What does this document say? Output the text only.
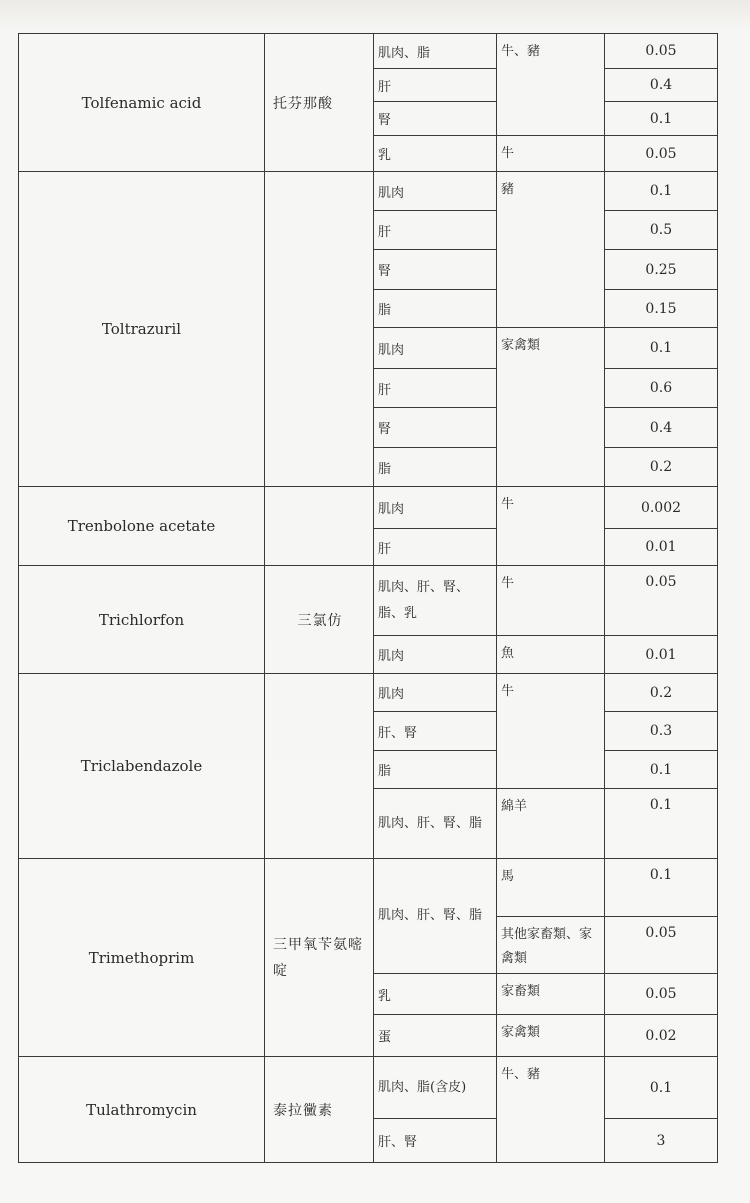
Tolfenamic acid	托芬那酸	肌肉、脂	牛、豬	0.05
		肝		0.4
		腎		0.1
		乳	牛	0.05
Toltrazuril		肌肉	豬	0.1
		肝		0.5
		腎		0.25
		脂		0.15
		肌肉	家禽類	0.1
		肝		0.6
		腎		0.4
		脂		0.2
Trenbolone acetate		肌肉	牛	0.002
		肝		0.01
Trichlorfon	三氯仿	肌肉、肝、腎、脂、乳	牛	0.05
		肌肉	魚	0.01
Triclabendazole		肌肉	牛	0.2
		肝、腎		0.3
		脂		0.1
		肌肉、肝、腎、脂	綿羊	0.1
Trimethoprim	三甲氧苄氨嘧啶	肌肉、肝、腎、脂	馬	0.1
			其他家畜類、家禽類	0.05
		乳	家畜類	0.05
		蛋	家禽類	0.02
Tulathromycin	泰拉黴素	肌肉、脂(含皮)	牛、豬	0.1
		肝、腎		3
